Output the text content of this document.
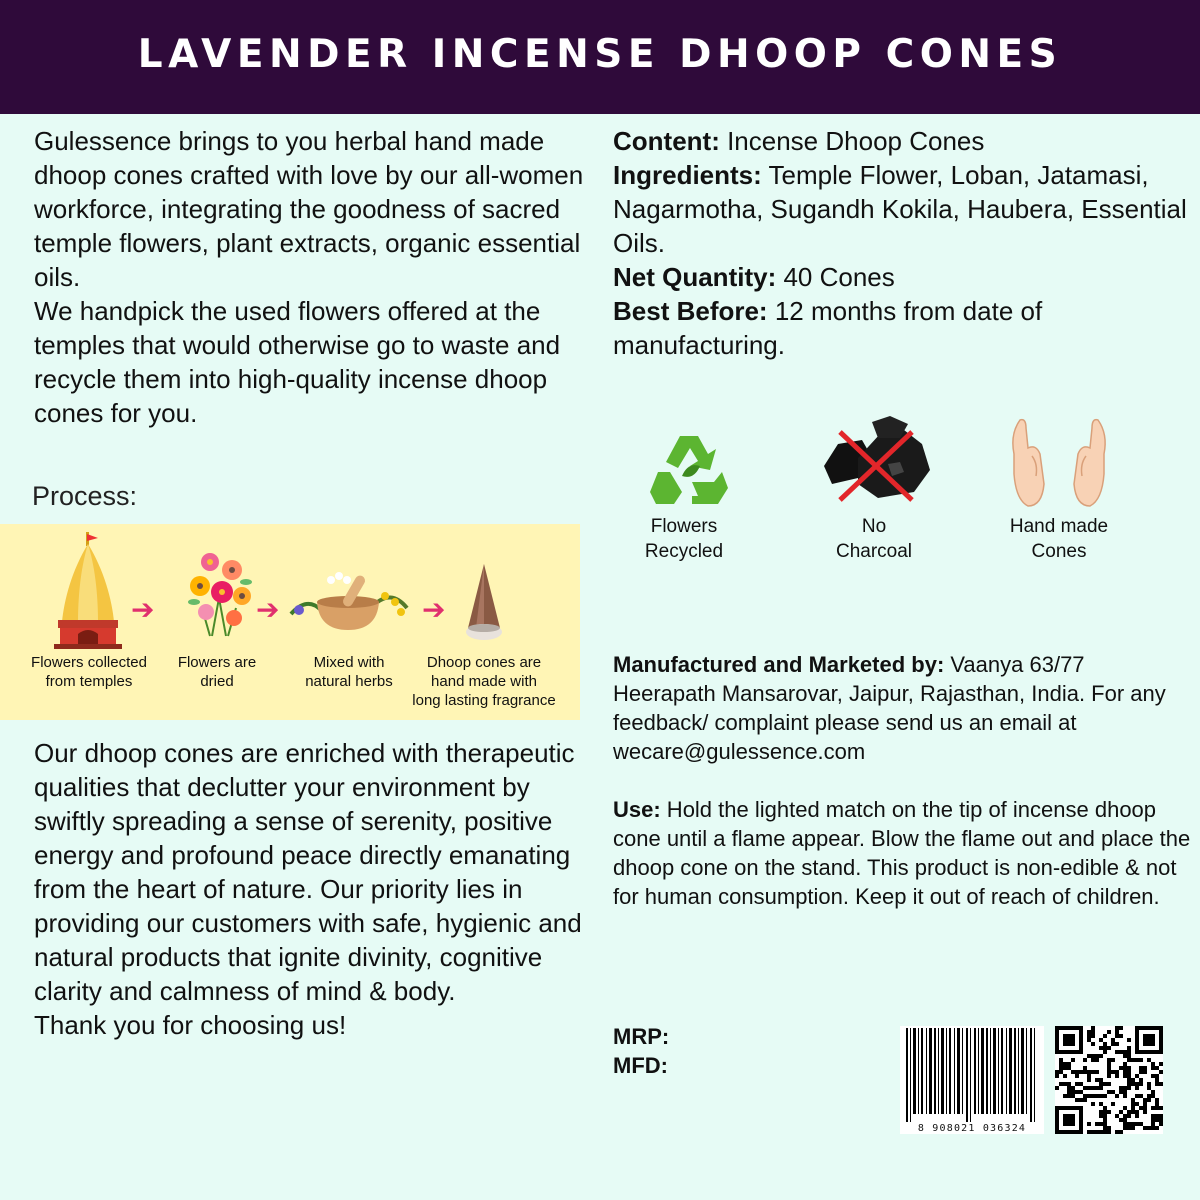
LAVENDER INCENSE DHOOP CONES

Gulessence brings to you herbal hand made dhoop cones crafted with love by our all-women workforce, integrating the goodness of sacred temple flowers, plant extracts, organic essential oils.

We handpick the used flowers offered at the temples that would otherwise go to waste and recycle them into high-quality incense dhoop cones for you.

Process:
➔	➔	➔
Flowers collected
from temples
Flowers are
dried
Mixed with
natural herbs
Dhoop cones are
hand made with
long lasting fragrance

Our dhoop cones are enriched with therapeutic qualities that declutter your environment by swiftly spreading a sense of serenity, positive energy and profound peace directly emanating from the heart of nature. Our priority lies in providing our customers with safe, hygienic and natural products that ignite divinity, cognitive clarity and calmness of mind & body.

Thank you for choosing us!

Content: Incense Dhoop Cones
Ingredients: Temple Flower, Loban, Jatamasi, Nagarmotha, Sugandh Kokila, Haubera, Essential Oils.
Net Quantity: 40 Cones
Best Before: 12 months from date of manufacturing.
Flowers
Recycled
No
Charcoal
Hand made
Cones
Manufactured and Marketed by: Vaanya 63/77 Heerapath Mansarovar, Jaipur, Rajasthan, India. For any feedback/ complaint please send us an email at wecare@gulessence.com
Use: Hold the lighted match on the tip of incense dhoop cone until a flame appear. Blow the flame out and place the dhoop cone on the stand. This product is non-edible & not for human consumption. Keep it out of reach of children.
MRP:
MFD:
8 908021 036324
